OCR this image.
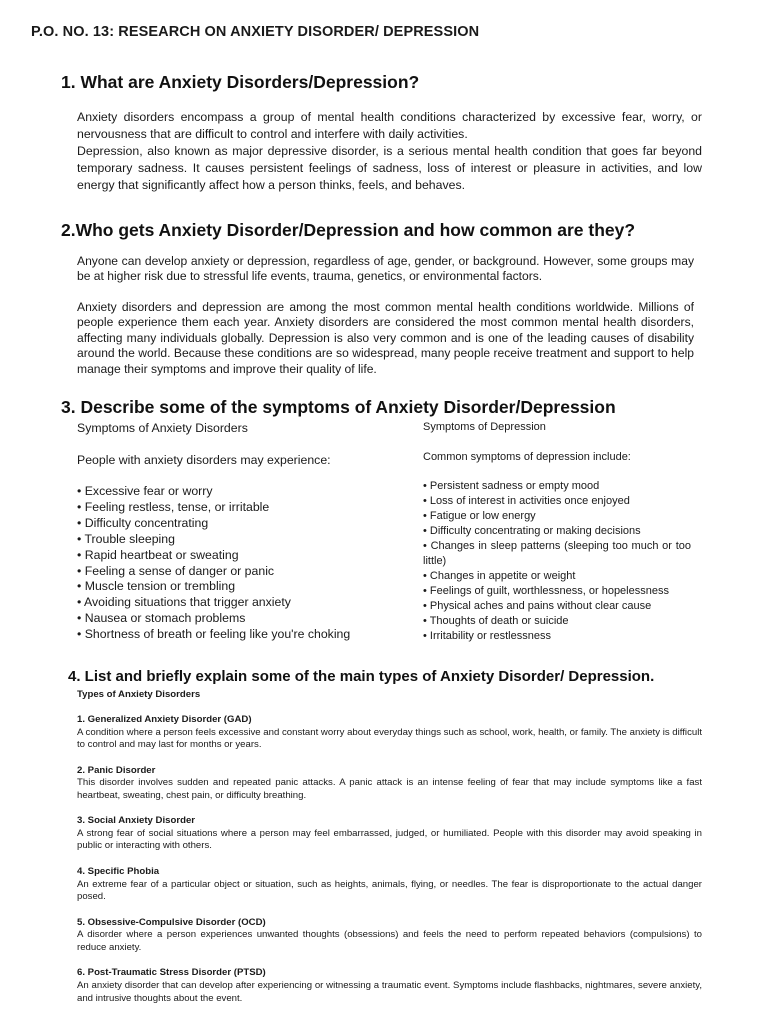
P.O. NO. 13: RESEARCH ON ANXIETY DISORDER/ DEPRESSION
1. What are Anxiety Disorders/Depression?

Anxiety disorders encompass a group of mental health conditions characterized by excessive fear, worry, or nervousness that are difficult to control and interfere with daily activities.

Depression, also known as major depressive disorder, is a serious mental health condition that goes far beyond temporary sadness. It causes persistent feelings of sadness, loss of interest or pleasure in activities, and low energy that significantly affect how a person thinks, feels, and behaves.

2.Who gets Anxiety Disorder/Depression and how common are they?

Anyone can develop anxiety or depression, regardless of age, gender, or background. However, some groups may be at higher risk due to stressful life events, trauma, genetics, or environmental factors.

Anxiety disorders and depression are among the most common mental health conditions worldwide. Millions of people experience them each year. Anxiety disorders are considered the most common mental health disorders, affecting many individuals globally. Depression is also very common and is one of the leading causes of disability around the world. Because these conditions are so widespread, many people receive treatment and support to help manage their symptoms and improve their quality of life.

3. Describe some of the symptoms of Anxiety Disorder/Depression
Symptoms of Anxiety Disorders
People with anxiety disorders may experience:
• Excessive fear or worry
• Feeling restless, tense, or irritable
• Difficulty concentrating
• Trouble sleeping
• Rapid heartbeat or sweating
• Feeling a sense of danger or panic
• Muscle tension or trembling
• Avoiding situations that trigger anxiety
• Nausea or stomach problems
• Shortness of breath or feeling like you're choking
Symptoms of Depression
Common symptoms of depression include:
• Persistent sadness or empty mood
• Loss of interest in activities once enjoyed
• Fatigue or low energy
• Difficulty concentrating or making decisions
• Changes in sleep patterns (sleeping too much or too little)
• Changes in appetite or weight
• Feelings of guilt, worthlessness, or hopelessness
• Physical aches and pains without clear cause
• Thoughts of death or suicide
• Irritability or restlessness
4. List and briefly explain some of the main types of Anxiety Disorder/ Depression.
Types of Anxiety Disorders
1. Generalized Anxiety Disorder (GAD)
A condition where a person feels excessive and constant worry about everyday things such as school, work, health, or family. The anxiety is difficult to control and may last for months or years.
2. Panic Disorder
This disorder involves sudden and repeated panic attacks. A panic attack is an intense feeling of fear that may include symptoms like a fast heartbeat, sweating, chest pain, or difficulty breathing.
3. Social Anxiety Disorder
A strong fear of social situations where a person may feel embarrassed, judged, or humiliated. People with this disorder may avoid speaking in public or interacting with others.
4. Specific Phobia
An extreme fear of a particular object or situation, such as heights, animals, flying, or needles. The fear is disproportionate to the actual danger posed.
5. Obsessive-Compulsive Disorder (OCD)
A disorder where a person experiences unwanted thoughts (obsessions) and feels the need to perform repeated behaviors (compulsions) to reduce anxiety.
6. Post-Traumatic Stress Disorder (PTSD)
An anxiety disorder that can develop after experiencing or witnessing a traumatic event. Symptoms include flashbacks, nightmares, severe anxiety, and intrusive thoughts about the event.
